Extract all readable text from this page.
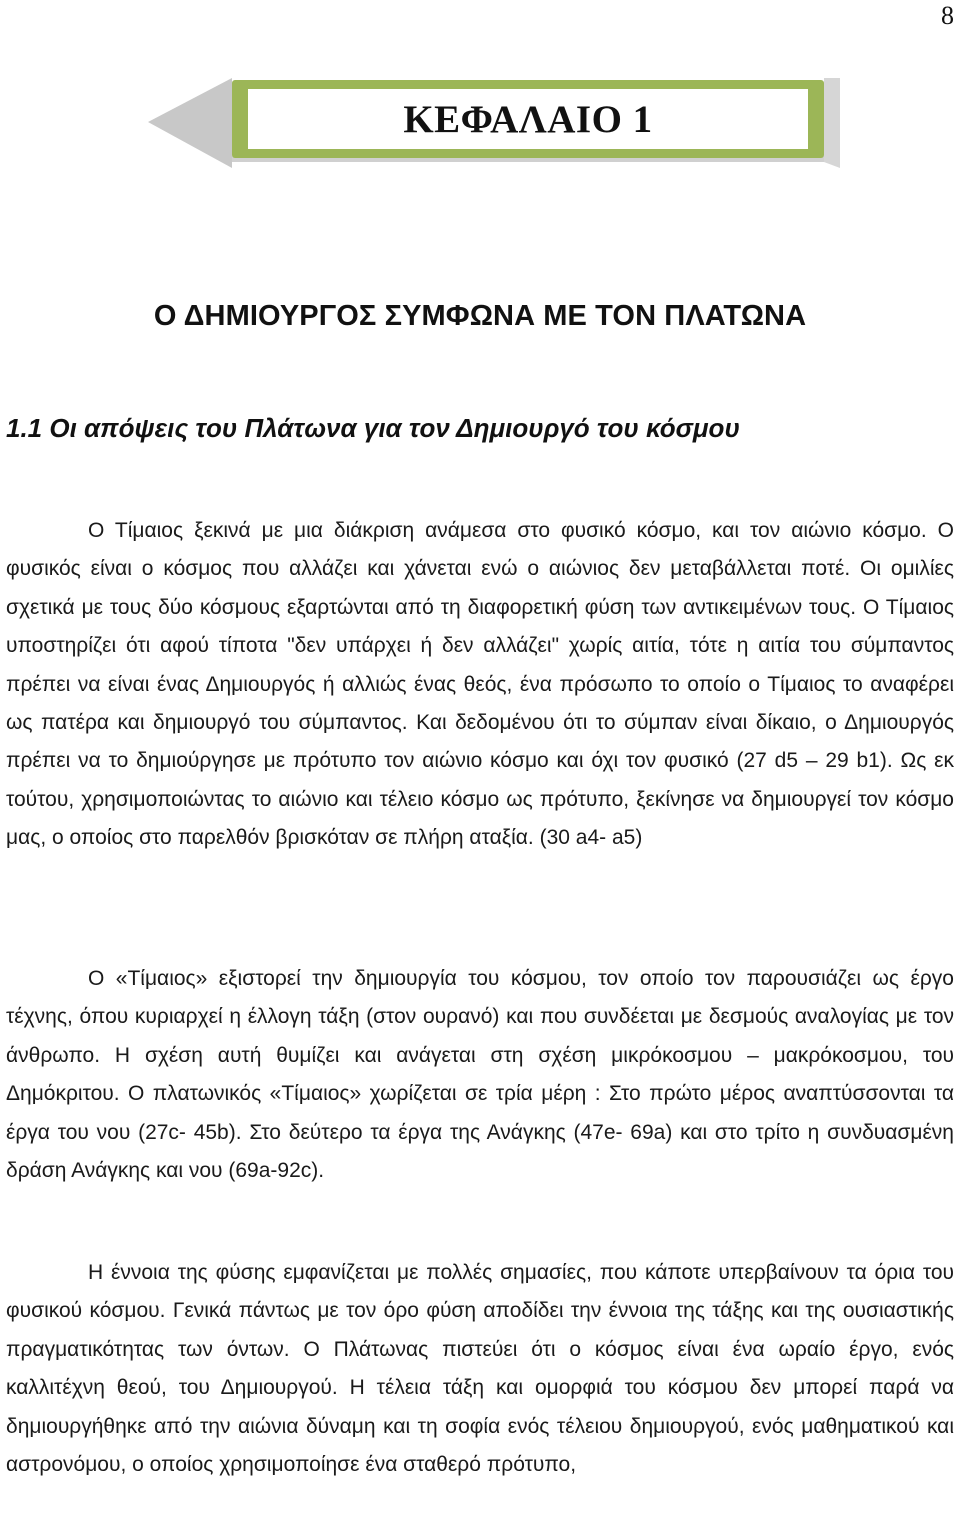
8
ΚΕΦΑΛΑΙΟ 1
Ο ΔΗΜΙΟΥΡΓΟΣ ΣΥΜΦΩΝΑ ΜΕ ΤΟΝ ΠΛΑΤΩΝΑ
1.1 Οι απόψεις του Πλάτωνα για τον Δημιουργό του κόσμου

Ο Τίμαιος ξεκινά με μια διάκριση ανάμεσα στο φυσικό κόσμο, και τον αιώνιο κόσμο. Ο φυσικός είναι ο κόσμος που αλλάζει και χάνεται ενώ ο αιώνιος δεν μεταβάλλεται ποτέ. Οι ομιλίες σχετικά με τους δύο κόσμους εξαρτώνται από τη διαφορετική φύση των αντικειμένων τους. Ο Τίμαιος υποστηρίζει ότι αφού τίποτα "δεν υπάρχει ή δεν αλλάζει" χωρίς αιτία, τότε η αιτία του σύμπαντος πρέπει να είναι ένας Δημιουργός ή αλλιώς ένας θεός, ένα πρόσωπο το οποίο ο Τίμαιος το αναφέρει ως πατέρα και δημιουργό του σύμπαντος. Και δεδομένου ότι το σύμπαν είναι δίκαιο, ο Δημιουργός πρέπει να το δημιούργησε με πρότυπο τον αιώνιο κόσμο και όχι τον φυσικό (27 d5 – 29 b1). Ως εκ τούτου, χρησιμοποιώντας το αιώνιο και τέλειο κόσμο ως πρότυπο, ξεκίνησε να δημιουργεί τον κόσμο μας, ο οποίος στο παρελθόν βρισκόταν σε πλήρη αταξία. (30 a4- a5)

Ο «Τίμαιος» εξιστορεί την δημιουργία του κόσμου, τον οποίο τον παρουσιάζει ως έργο τέχνης, όπου κυριαρχεί η έλλογη τάξη (στον ουρανό) και που συνδέεται με δεσμούς αναλογίας με τον άνθρωπο. Η σχέση αυτή θυμίζει και ανάγεται στη σχέση μικρόκοσμου – μακρόκοσμου, του Δημόκριτου. Ο πλατωνικός «Τίμαιος» χωρίζεται σε τρία μέρη : Στο πρώτο μέρος αναπτύσσονται τα έργα του νου (27c- 45b). Στο δεύτερο τα έργα της Ανάγκης (47e- 69a) και στο τρίτο η συνδυασμένη δράση Ανάγκης και νου (69a-92c).

Η έννοια της φύσης εμφανίζεται με πολλές σημασίες, που κάποτε υπερβαίνουν τα όρια του φυσικού κόσμου. Γενικά πάντως με τον όρο φύση αποδίδει την έννοια της τάξης και της ουσιαστικής πραγματικότητας των όντων. Ο Πλάτωνας πιστεύει ότι ο κόσμος είναι ένα ωραίο έργο, ενός καλλιτέχνη θεού, του Δημιουργού. Η τέλεια τάξη και ομορφιά του κόσμου δεν μπορεί παρά να δημιουργήθηκε από την αιώνια δύναμη και τη σοφία ενός τέλειου δημιουργού, ενός μαθηματικού και αστρονόμου, ο οποίος χρησιμοποίησε ένα σταθερό πρότυπο,
